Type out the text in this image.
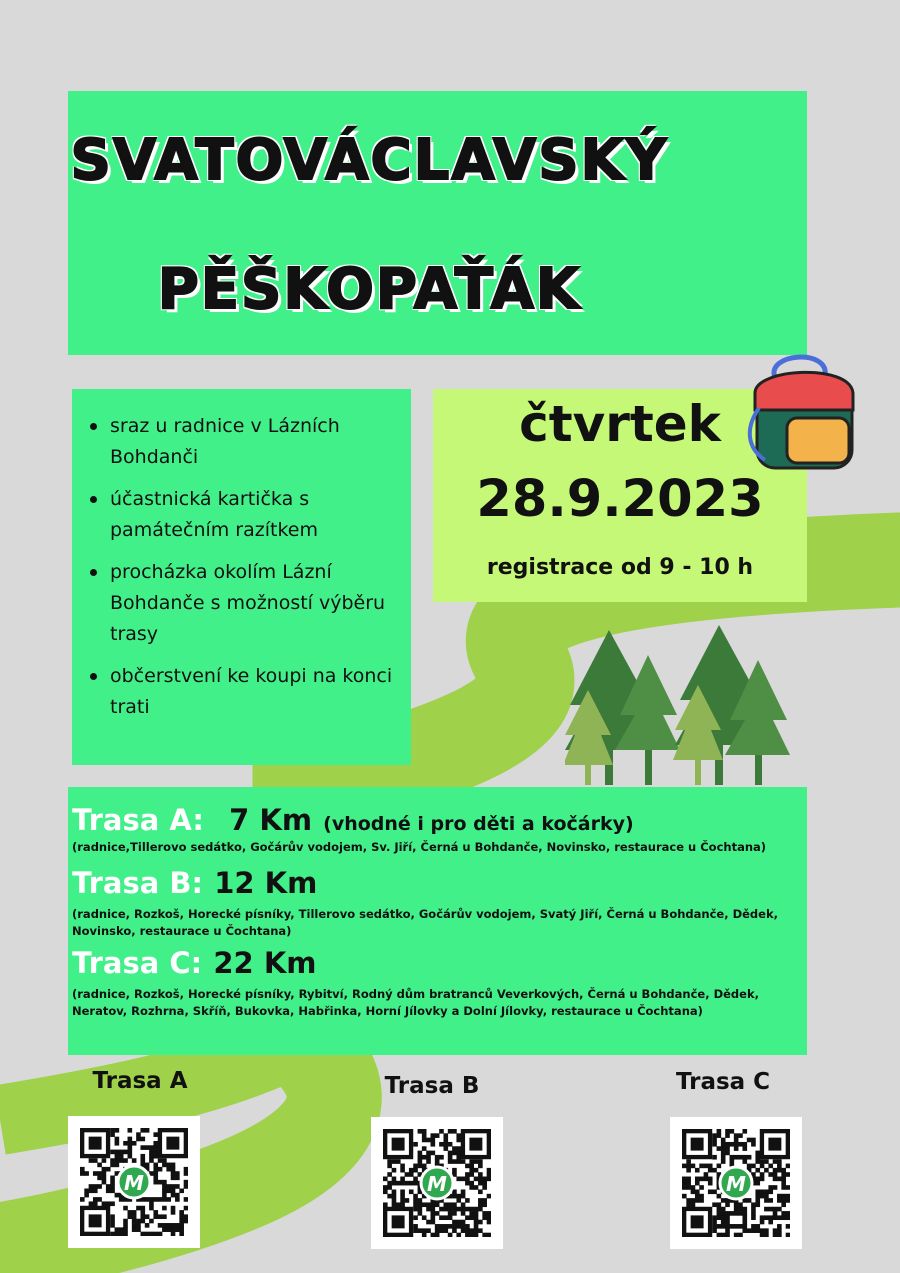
SVATOVÁCLAVSKÝ
PĚŠKOPAŤÁK
sraz u radnice v Lázních Bohdanči
účastnická kartička s památečním razítkem
procházka okolím Lázní Bohdanče s možností výběru trasy
občerstvení ke koupi na konci trati
čtvrtek
28.9.2023
registrace od 9 - 10 h
Trasa A: 7 Km (vhodné i pro děti a kočárky)
(radnice,Tillerovo sedátko, Gočárův vodojem, Sv. Jiří, Černá u Bohdanče, Novinsko, restaurace u Čochtana)
Trasa B: 12 Km
(radnice, Rozkoš, Horecké písníky, Tillerovo sedátko, Gočárův vodojem, Svatý Jiří, Černá u Bohdanče, Dědek, Novinsko, restaurace u Čochtana)
Trasa C: 22 Km
(radnice, Rozkoš, Horecké písníky, Rybitví, Rodný dům bratranců Veverkových, Černá u Bohdanče, Dědek, Neratov, Rozhrna, Skříň, Bukovka, Habřinka, Horní Jílovky a Dolní Jílovky, restaurace u Čochtana)
Trasa A	Trasa B	Trasa C
M	M	M
